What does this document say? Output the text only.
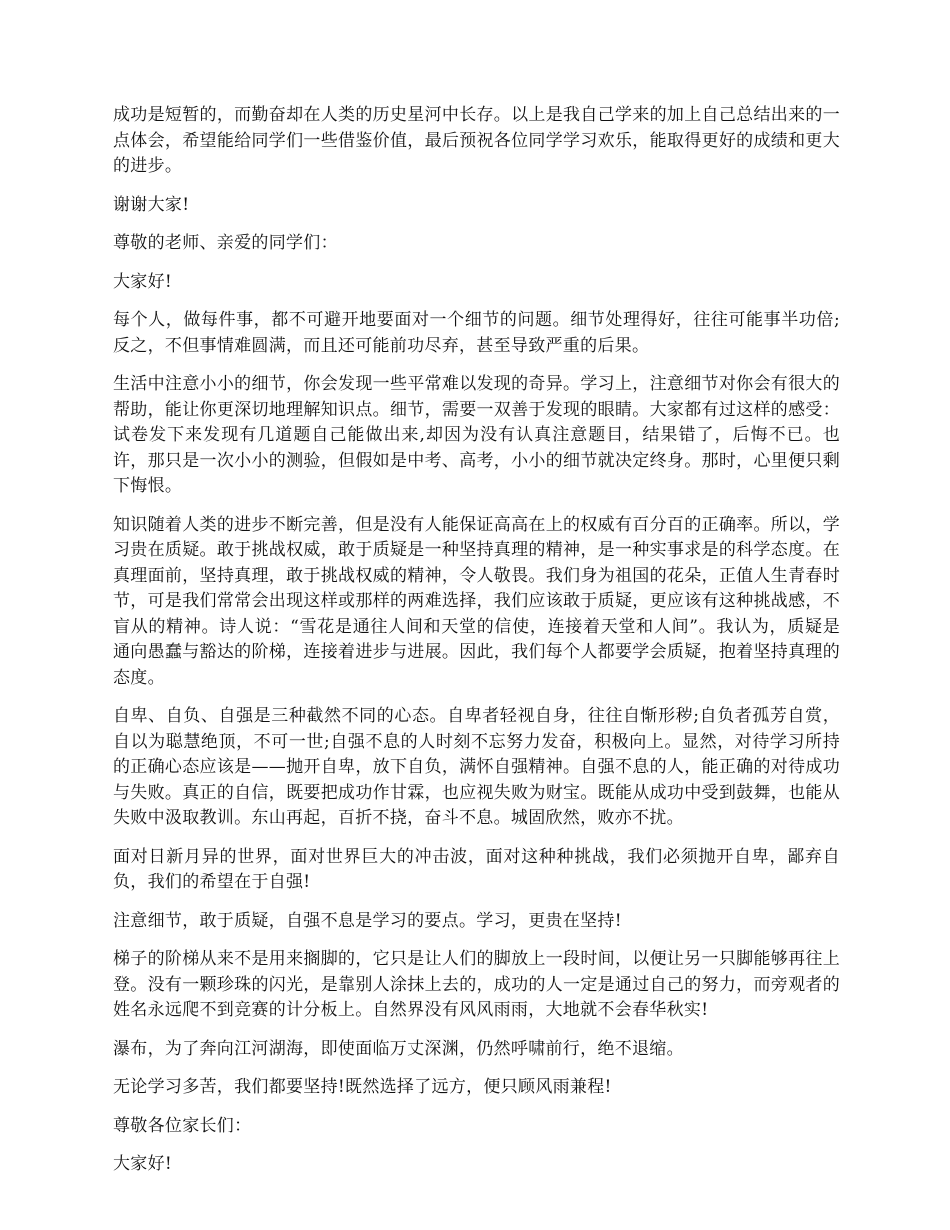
成功是短暂的，而勤奋却在人类的历史星河中长存。以上是我自己学来的加上自己总结出来的一点体会，希望能给同学们一些借鉴价值，最后预祝各位同学学习欢乐，能取得更好的成绩和更大的进步。

谢谢大家!

尊敬的老师、亲爱的同学们：

大家好!

每个人，做每件事，都不可避开地要面对一个细节的问题。细节处理得好，往往可能事半功倍;反之，不但事情难圆满，而且还可能前功尽弃，甚至导致严重的后果。

生活中注意小小的细节，你会发现一些平常难以发现的奇异。学习上，注意细节对你会有很大的帮助，能让你更深切地理解知识点。细节，需要一双善于发现的眼睛。大家都有过这样的感受：试卷发下来发现有几道题自己能做出来,却因为没有认真注意题目，结果错了，后悔不已。也许，那只是一次小小的测验，但假如是中考、高考，小小的细节就决定终身。那时，心里便只剩下悔恨。

知识随着人类的进步不断完善，但是没有人能保证高高在上的权威有百分百的正确率。所以，学习贵在质疑。敢于挑战权威，敢于质疑是一种坚持真理的精神，是一种实事求是的科学态度。在真理面前，坚持真理，敢于挑战权威的精神，令人敬畏。我们身为祖国的花朵，正值人生青春时节，可是我们常常会出现这样或那样的两难选择，我们应该敢于质疑，更应该有这种挑战感，不盲从的精神。诗人说：“雪花是通往人间和天堂的信使，连接着天堂和人间”。我认为，质疑是通向愚蠢与豁达的阶梯，连接着进步与进展。因此，我们每个人都要学会质疑，抱着坚持真理的态度。

自卑、自负、自强是三种截然不同的心态。自卑者轻视自身，往往自惭形秽;自负者孤芳自赏，自以为聪慧绝顶，不可一世;自强不息的人时刻不忘努力发奋，积极向上。显然，对待学习所持的正确心态应该是——抛开自卑，放下自负，满怀自强精神。自强不息的人，能正确的对待成功与失败。真正的自信，既要把成功作甘霖，也应视失败为财宝。既能从成功中受到鼓舞，也能从失败中汲取教训。东山再起，百折不挠，奋斗不息。城固欣然，败亦不扰。

面对日新月异的世界，面对世界巨大的冲击波，面对这种种挑战，我们必须抛开自卑，鄙弃自负，我们的希望在于自强!

注意细节，敢于质疑，自强不息是学习的要点。学习，更贵在坚持!

梯子的阶梯从来不是用来搁脚的，它只是让人们的脚放上一段时间，以便让另一只脚能够再往上登。没有一颗珍珠的闪光，是靠别人涂抹上去的，成功的人一定是通过自己的努力，而旁观者的姓名永远爬不到竞赛的计分板上。自然界没有风风雨雨，大地就不会春华秋实!

瀑布，为了奔向江河湖海，即使面临万丈深渊，仍然呼啸前行，绝不退缩。

无论学习多苦，我们都要坚持!既然选择了远方，便只顾风雨兼程!

尊敬各位家长们：

大家好!
